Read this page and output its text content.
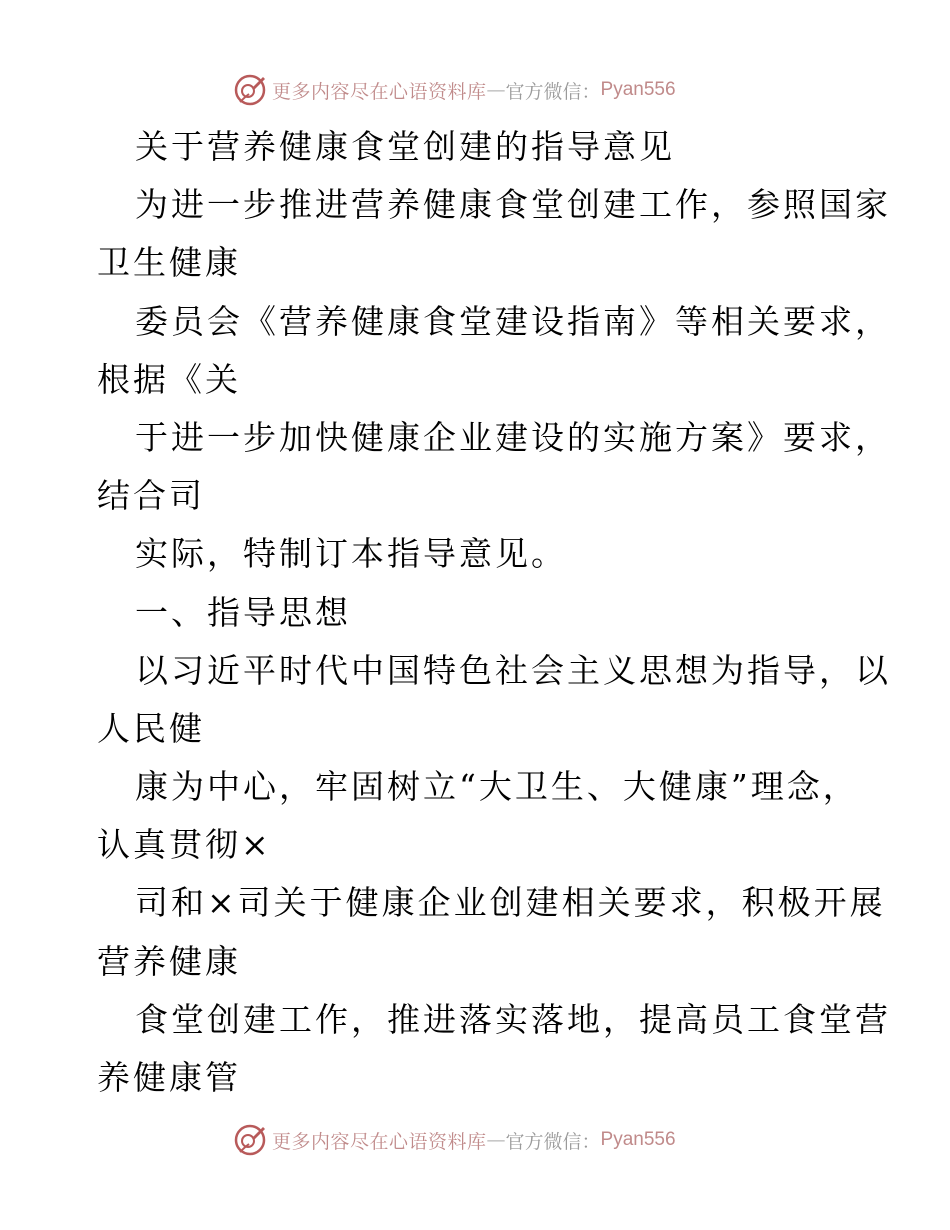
更多内容尽在心语资料库 — 官方微信： Pyan556
关于营养健康食堂创建的指导意见
为进一步推进营养健康食堂创建工作，参照国家
卫生健康
委员会《营养健康食堂建设指南》等相关要求，
根据《关
于进一步加快健康企业建设的实施方案》要求，
结合司
实际，特制订本指导意见。
一、指导思想
以习近平时代中国特色社会主义思想为指导，以
人民健
康为中心，牢固树立“大卫生、大健康”理念，
认真贯彻×
司和×司关于健康企业创建相关要求，积极开展
营养健康
食堂创建工作，推进落实落地，提高员工食堂营
养健康管
更多内容尽在心语资料库 — 官方微信： Pyan556
